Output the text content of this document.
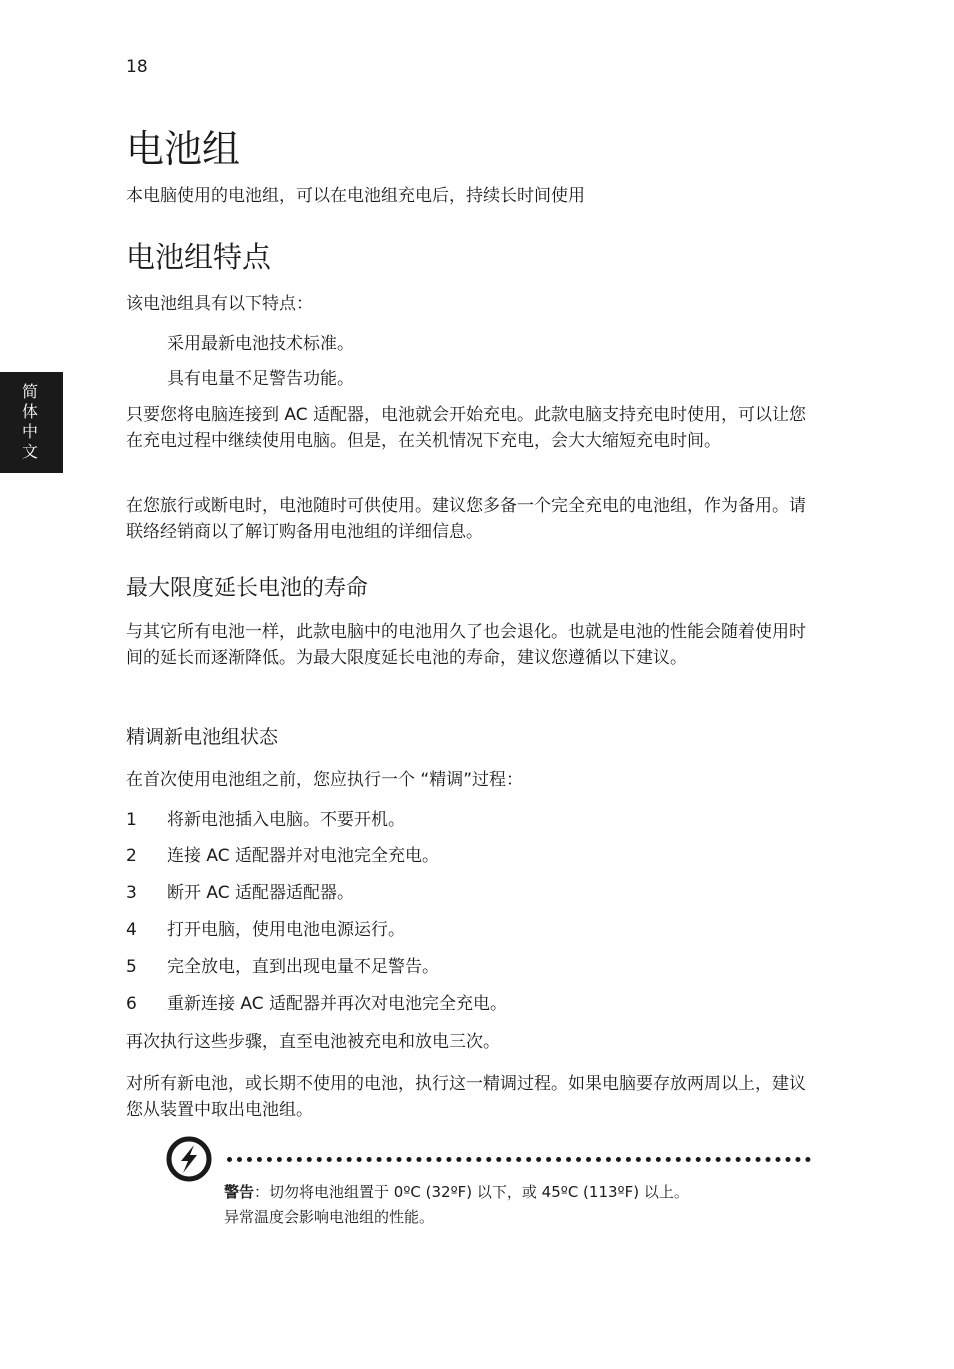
18
简体中文
电池组

本电脑使用的电池组，可以在电池组充电后，持续长时间使用

电池组特点

该电池组具有以下特点：

采用最新电池技术标准。
具有电量不足警告功能。

只要您将电脑连接到 AC 适配器，电池就会开始充电。此款电脑支持充电时使用，可以让您在充电过程中继续使用电脑。但是，在关机情况下充电，会大大缩短充电时间。

在您旅行或断电时，电池随时可供使用。建议您多备一个完全充电的电池组，作为备用。请联络经销商以了解订购备用电池组的详细信息。

最大限度延长电池的寿命

与其它所有电池一样，此款电脑中的电池用久了也会退化。也就是电池的性能会随着使用时间的延长而逐渐降低。为最大限度延长电池的寿命，建议您遵循以下建议。

精调新电池组状态

在首次使用电池组之前，您应执行一个 “精调”过程：

1 将新电池插入电脑。不要开机。
2 连接 AC 适配器并对电池完全充电。
3 断开 AC 适配器适配器。
4 打开电脑，使用电池电源运行。
5 完全放电，直到出现电量不足警告。
6 重新连接 AC 适配器并再次对电池完全充电。

再次执行这些步骤，直至电池被充电和放电三次。

对所有新电池，或长期不使用的电池，执行这一精调过程。如果电脑要存放两周以上，建议您从装置中取出电池组。

警告：切勿将电池组置于 0ºC (32ºF) 以下，或 45ºC (113ºF) 以上。
异常温度会影响电池组的性能。
